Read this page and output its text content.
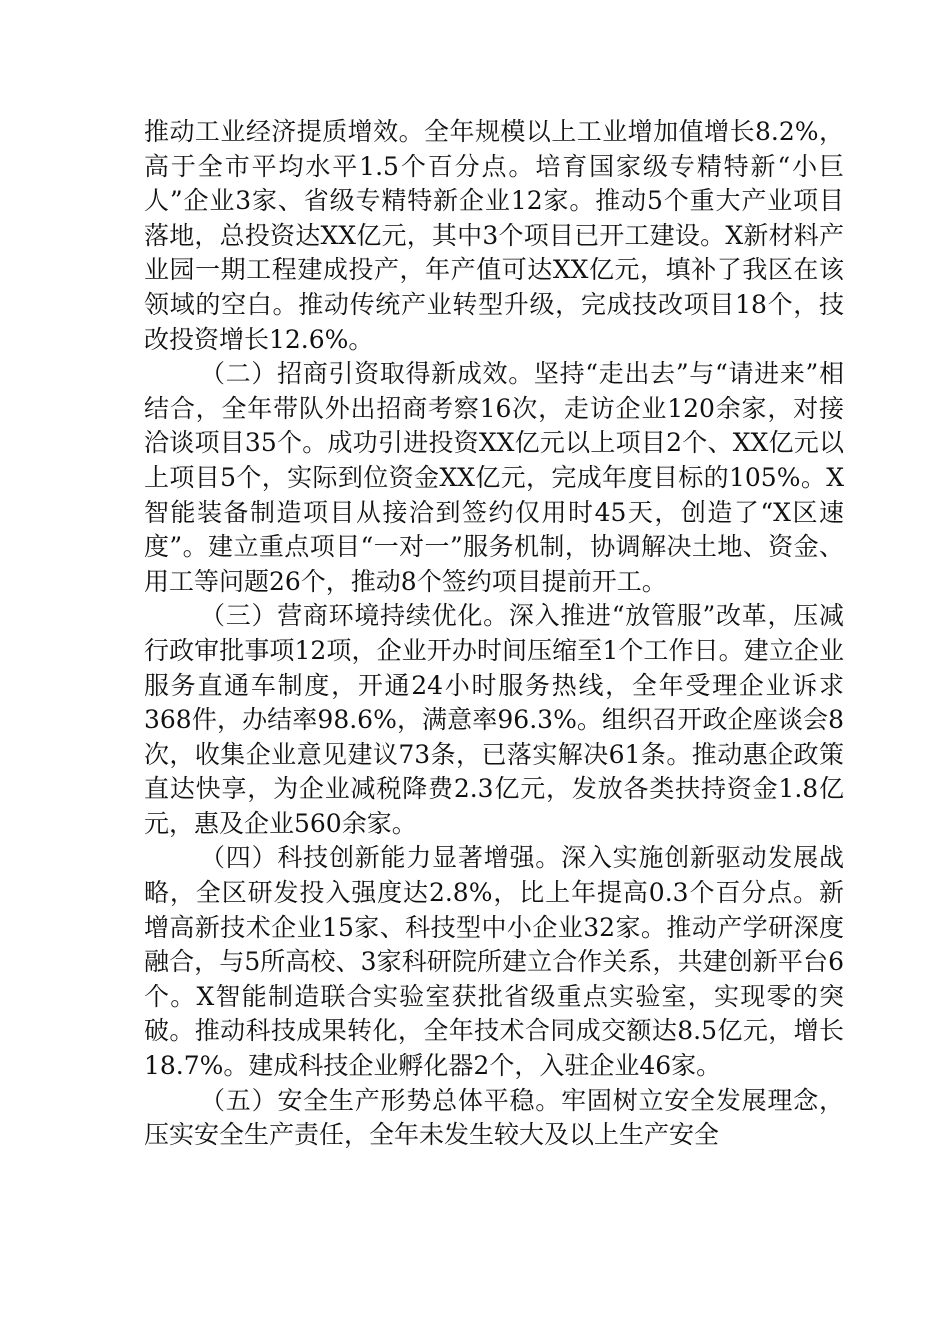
推动工业经济提质增效。全年规模以上工业增加值增长8.2%，高于全市平均水平1.5个百分点。培育国家级专精特新“小巨人”企业3家、省级专精特新企业12家。推动5个重大产业项目落地，总投资达XX亿元，其中3个项目已开工建设。X新材料产业园一期工程建成投产，年产值可达XX亿元，填补了我区在该领域的空白。推动传统产业转型升级，完成技改项目18个，技改投资增长12.6%。

（二）招商引资取得新成效。坚持“走出去”与“请进来”相结合，全年带队外出招商考察16次，走访企业120余家，对接洽谈项目35个。成功引进投资XX亿元以上项目2个、XX亿元以上项目5个，实际到位资金XX亿元，完成年度目标的105%。X智能装备制造项目从接洽到签约仅用时45天，创造了“X区速度”。建立重点项目“一对一”服务机制，协调解决土地、资金、用工等问题26个，推动8个签约项目提前开工。

（三）营商环境持续优化。深入推进“放管服”改革，压减行政审批事项12项，企业开办时间压缩至1个工作日。建立企业服务直通车制度，开通24小时服务热线，全年受理企业诉求368件，办结率98.6%，满意率96.3%。组织召开政企座谈会8次，收集企业意见建议73条，已落实解决61条。推动惠企政策直达快享，为企业减税降费2.3亿元，发放各类扶持资金1.8亿元，惠及企业560余家。

（四）科技创新能力显著增强。深入实施创新驱动发展战略，全区研发投入强度达2.8%，比上年提高0.3个百分点。新增高新技术企业15家、科技型中小企业32家。推动产学研深度融合，与5所高校、3家科研院所建立合作关系，共建创新平台6个。X智能制造联合实验室获批省级重点实验室，实现零的突破。推动科技成果转化，全年技术合同成交额达8.5亿元，增长18.7%。建成科技企业孵化器2个，入驻企业46家。

（五）安全生产形势总体平稳。牢固树立安全发展理念，压实安全生产责任，全年未发生较大及以上生产安全
